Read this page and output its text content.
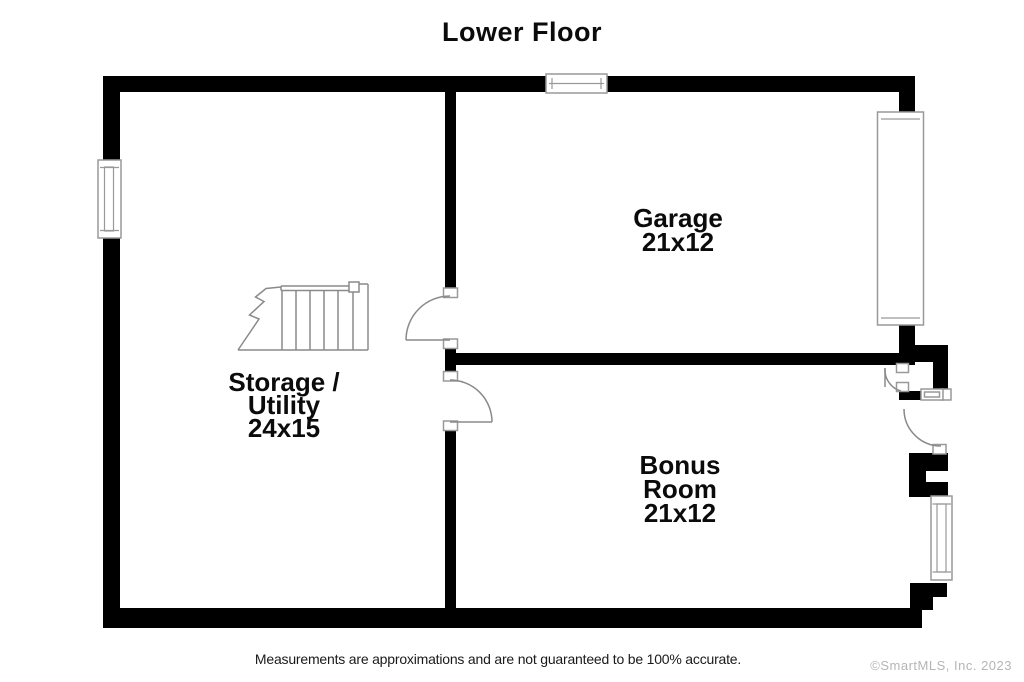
Lower Floor
Garage
21x12
Storage /
Utility
24x15
Bonus
Room
21x12
Measurements are approximations and are not guaranteed to be 100% accurate.	©SmartMLS, Inc. 2023
